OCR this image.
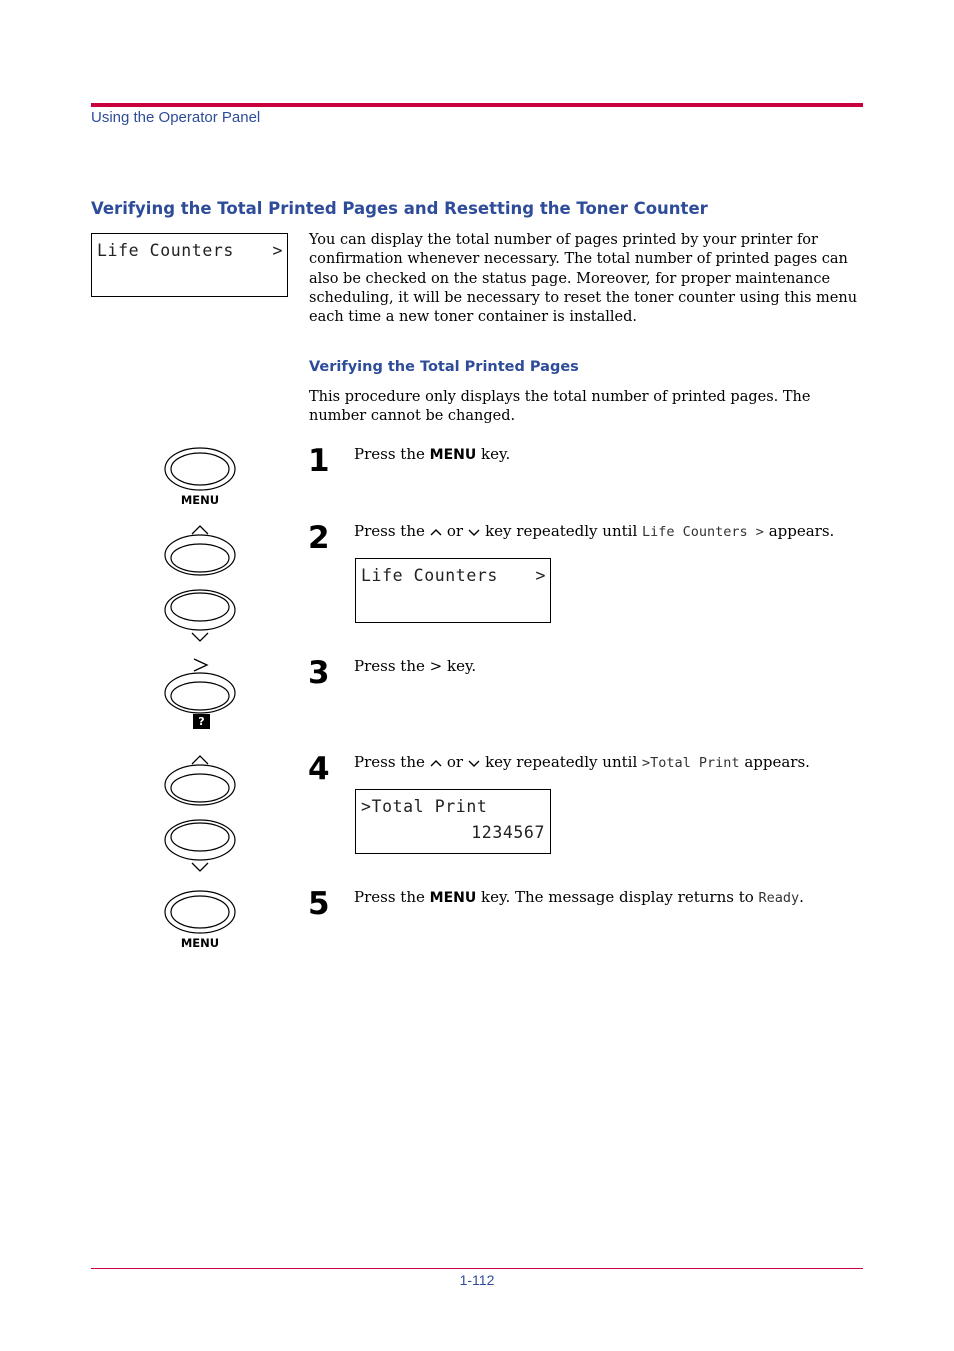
Using the Operator Panel
Verifying the Total Printed Pages and Resetting the Toner Counter

Life Counters

>

You can display the total number of pages printed by your printer for confirmation whenever necessary. The total number of printed pages can also be checked on the status page. Moreover, for proper maintenance scheduling, it will be necessary to reset the toner counter using this menu each time a new toner container is installed.
Verifying the Total Printed Pages
This procedure only displays the total number of printed pages. The number cannot be changed.
MENU
?
MENU
1 Press the MENU key.
2 Press the or key repeatedly until Life Counters > appears.

Life Counters

>

3 Press the > key.
4 Press the or key repeatedly until >Total Print appears.

>Total Print

1234567

5 Press the MENU key. The message display returns to Ready.
1-112
